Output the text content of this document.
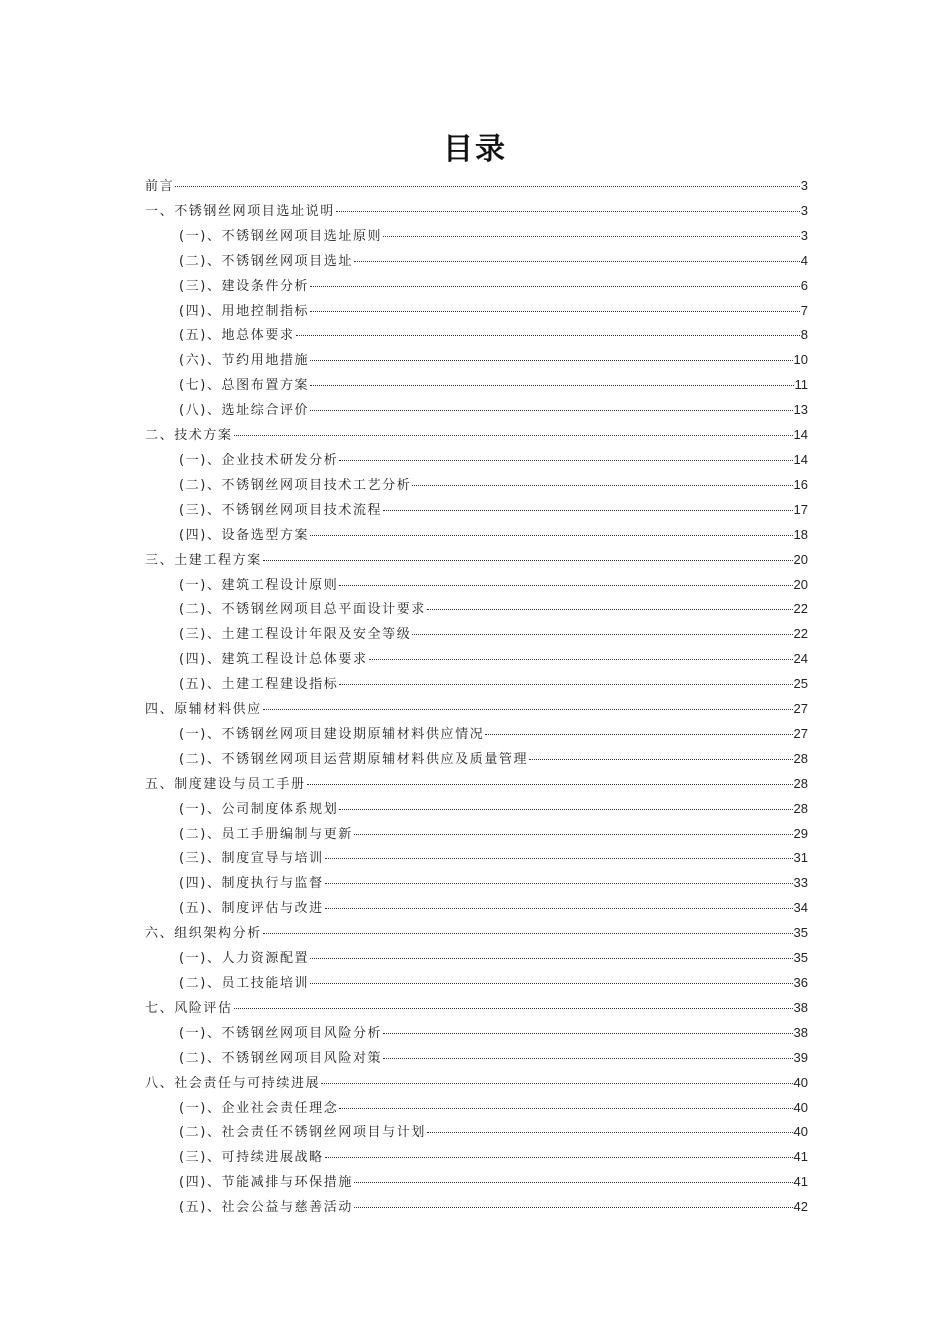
目录
前言	3
一、不锈钢丝网项目选址说明	3
(一)、不锈钢丝网项目选址原则	3
(二)、不锈钢丝网项目选址	4
(三)、建设条件分析	6
(四)、用地控制指标	7
(五)、地总体要求	8
(六)、节约用地措施	10
(七)、总图布置方案	11
(八)、选址综合评价	13
二、技术方案	14
(一)、企业技术研发分析	14
(二)、不锈钢丝网项目技术工艺分析	16
(三)、不锈钢丝网项目技术流程	17
(四)、设备选型方案	18
三、土建工程方案	20
(一)、建筑工程设计原则	20
(二)、不锈钢丝网项目总平面设计要求	22
(三)、土建工程设计年限及安全等级	22
(四)、建筑工程设计总体要求	24
(五)、土建工程建设指标	25
四、原辅材料供应	27
(一)、不锈钢丝网项目建设期原辅材料供应情况	27
(二)、不锈钢丝网项目运营期原辅材料供应及质量管理	28
五、制度建设与员工手册	28
(一)、公司制度体系规划	28
(二)、员工手册编制与更新	29
(三)、制度宣导与培训	31
(四)、制度执行与监督	33
(五)、制度评估与改进	34
六、组织架构分析	35
(一)、人力资源配置	35
(二)、员工技能培训	36
七、风险评估	38
(一)、不锈钢丝网项目风险分析	38
(二)、不锈钢丝网项目风险对策	39
八、社会责任与可持续进展	40
(一)、企业社会责任理念	40
(二)、社会责任不锈钢丝网项目与计划	40
(三)、可持续进展战略	41
(四)、节能减排与环保措施	41
(五)、社会公益与慈善活动	42
